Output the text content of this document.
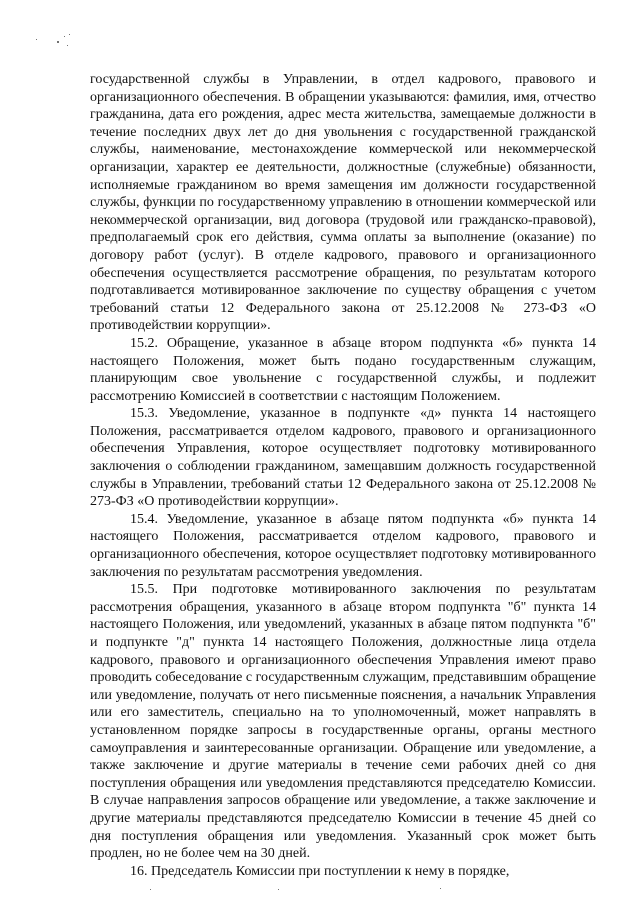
государственной службы в Управлении, в отдел кадрового, правового и организационного обеспечения. В обращении указываются: фамилия, имя, отчество гражданина, дата его рождения, адрес места жительства, замещаемые должности в течение последних двух лет до дня увольнения с государственной гражданской службы, наименование, местонахождение коммерческой или некоммерческой организации, характер ее деятельности, должностные (служебные) обязанности, исполняемые гражданином во время замещения им должности государственной службы, функции по государственному управлению в отношении коммерческой или некоммерческой организации, вид договора (трудовой или гражданско-правовой), предполагаемый срок его действия, сумма оплаты за выполнение (оказание) по договору работ (услуг). В отделе кадрового, правового и организационного обеспечения осуществляется рассмотрение обращения, по результатам которого подготавливается мотивированное заключение по существу обращения с учетом требований статьи 12 Федерального закона от 25.12.2008 № 273-ФЗ «О противодействии коррупции».

15.2. Обращение, указанное в абзаце втором подпункта «б» пункта 14 настоящего Положения, может быть подано государственным служащим, планирующим свое увольнение с государственной службы, и подлежит рассмотрению Комиссией в соответствии с настоящим Положением.

15.3. Уведомление, указанное в подпункте «д» пункта 14 настоящего Положения, рассматривается отделом кадрового, правового и организационного обеспечения Управления, которое осуществляет подготовку мотивированного заключения о соблюдении гражданином, замещавшим должность государственной службы в Управлении, требований статьи 12 Федерального закона от 25.12.2008 № 273-ФЗ «О противодействии коррупции».

15.4. Уведомление, указанное в абзаце пятом подпункта «б» пункта 14 настоящего Положения, рассматривается отделом кадрового, правового и организационного обеспечения, которое осуществляет подготовку мотивированного заключения по результатам рассмотрения уведомления.

15.5. При подготовке мотивированного заключения по результатам рассмотрения обращения, указанного в абзаце втором подпункта "б" пункта 14 настоящего Положения, или уведомлений, указанных в абзаце пятом подпункта "б" и подпункте "д" пункта 14 настоящего Положения, должностные лица отдела кадрового, правового и организационного обеспечения Управления имеют право проводить собеседование с государственным служащим, представившим обращение или уведомление, получать от него письменные пояснения, а начальник Управления или его заместитель, специально на то уполномоченный, может направлять в установленном порядке запросы в государственные органы, органы местного самоуправления и заинтересованные организации. Обращение или уведомление, а также заключение и другие материалы в течение семи рабочих дней со дня поступления обращения или уведомления представляются председателю Комиссии. В случае направления запросов обращение или уведомление, а также заключение и другие материалы представляются председателю Комиссии в течение 45 дней со дня поступления обращения или уведомления. Указанный срок может быть продлен, но не более чем на 30 дней.

16. Председатель Комиссии при поступлении к нему в порядке,
